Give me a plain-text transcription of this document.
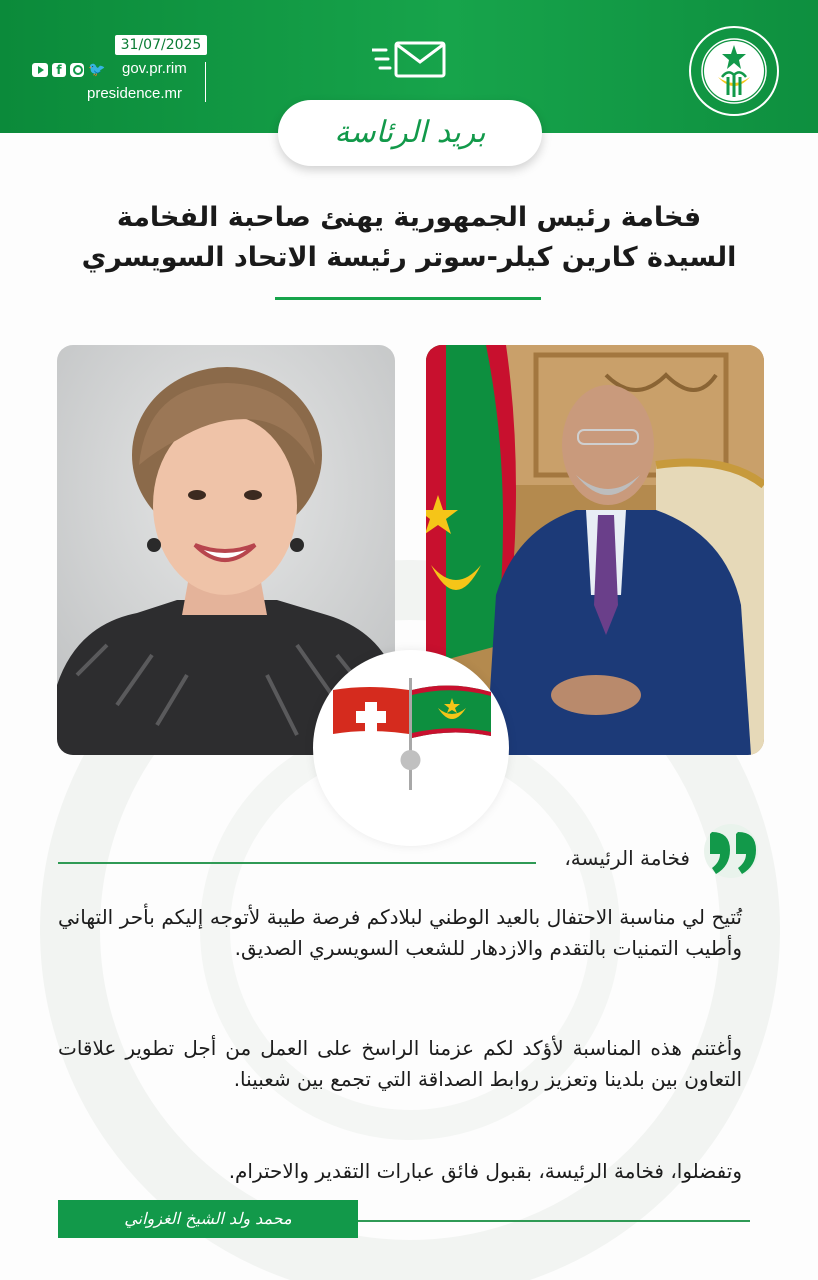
31/07/2025
f	🐦 gov.pr.rim
presidence.mr
بريد الرئاسة
فخامة رئيس الجمهورية يهنئ صاحبة الفخامة
السيدة كارين كيلر-سوتر رئيسة الاتحاد السويسري
فخامة الرئيسة،
تُتيح لي مناسبة الاحتفال بالعيد الوطني لبلادكم فرصة طيبة لأتوجه إليكم بأحر التهاني وأطيب التمنيات بالتقدم والازدهار للشعب السويسري الصديق.
وأغتنم هذه المناسبة لأؤكد لكم عزمنا الراسخ على العمل من أجل تطوير علاقات التعاون بين بلدينا وتعزيز روابط الصداقة التي تجمع بين شعبينا.
وتفضلوا، فخامة الرئيسة، بقبول فائق عبارات التقدير والاحترام.
محمد ولد الشيخ الغزواني
